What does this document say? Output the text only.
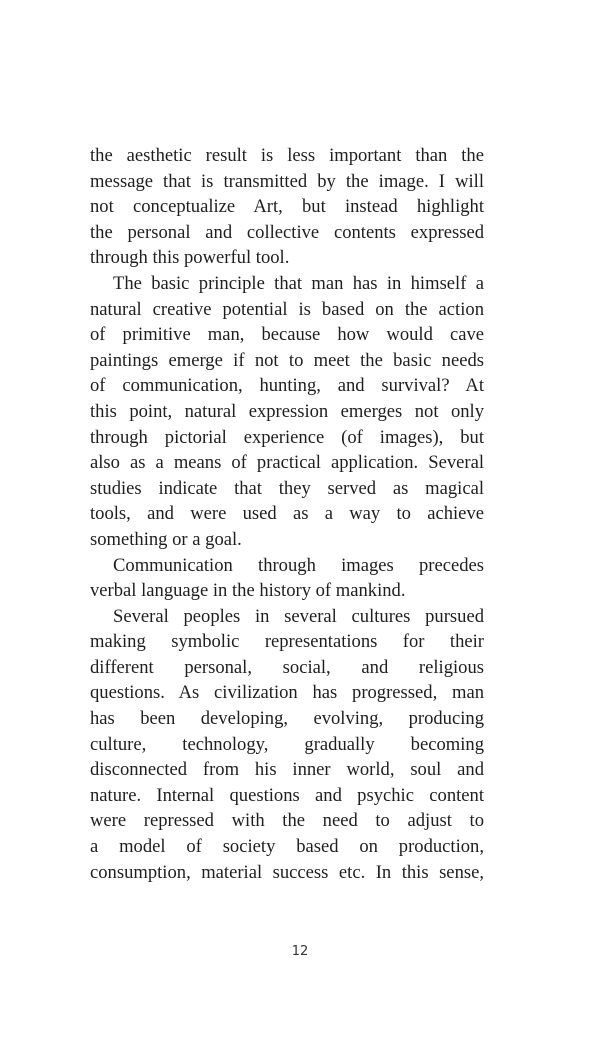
the aesthetic result is less important than the
message that is transmitted by the image. I will
not conceptualize Art, but instead highlight
the personal and collective contents expressed
through this powerful tool.
The basic principle that man has in himself a
natural creative potential is based on the action
of primitive man, because how would cave
paintings emerge if not to meet the basic needs
of communication, hunting, and survival? At
this point, natural expression emerges not only
through pictorial experience (of images), but
also as a means of practical application. Several
studies indicate that they served as magical
tools, and were used as a way to achieve
something or a goal.
Communication through images precedes
verbal language in the history of mankind.
Several peoples in several cultures pursued
making symbolic representations for their
different personal, social, and religious
questions. As civilization has progressed, man
has been developing, evolving, producing
culture, technology, gradually becoming
disconnected from his inner world, soul and
nature. Internal questions and psychic content
were repressed with the need to adjust to
a model of society based on production,
consumption, material success etc. In this sense,
12
